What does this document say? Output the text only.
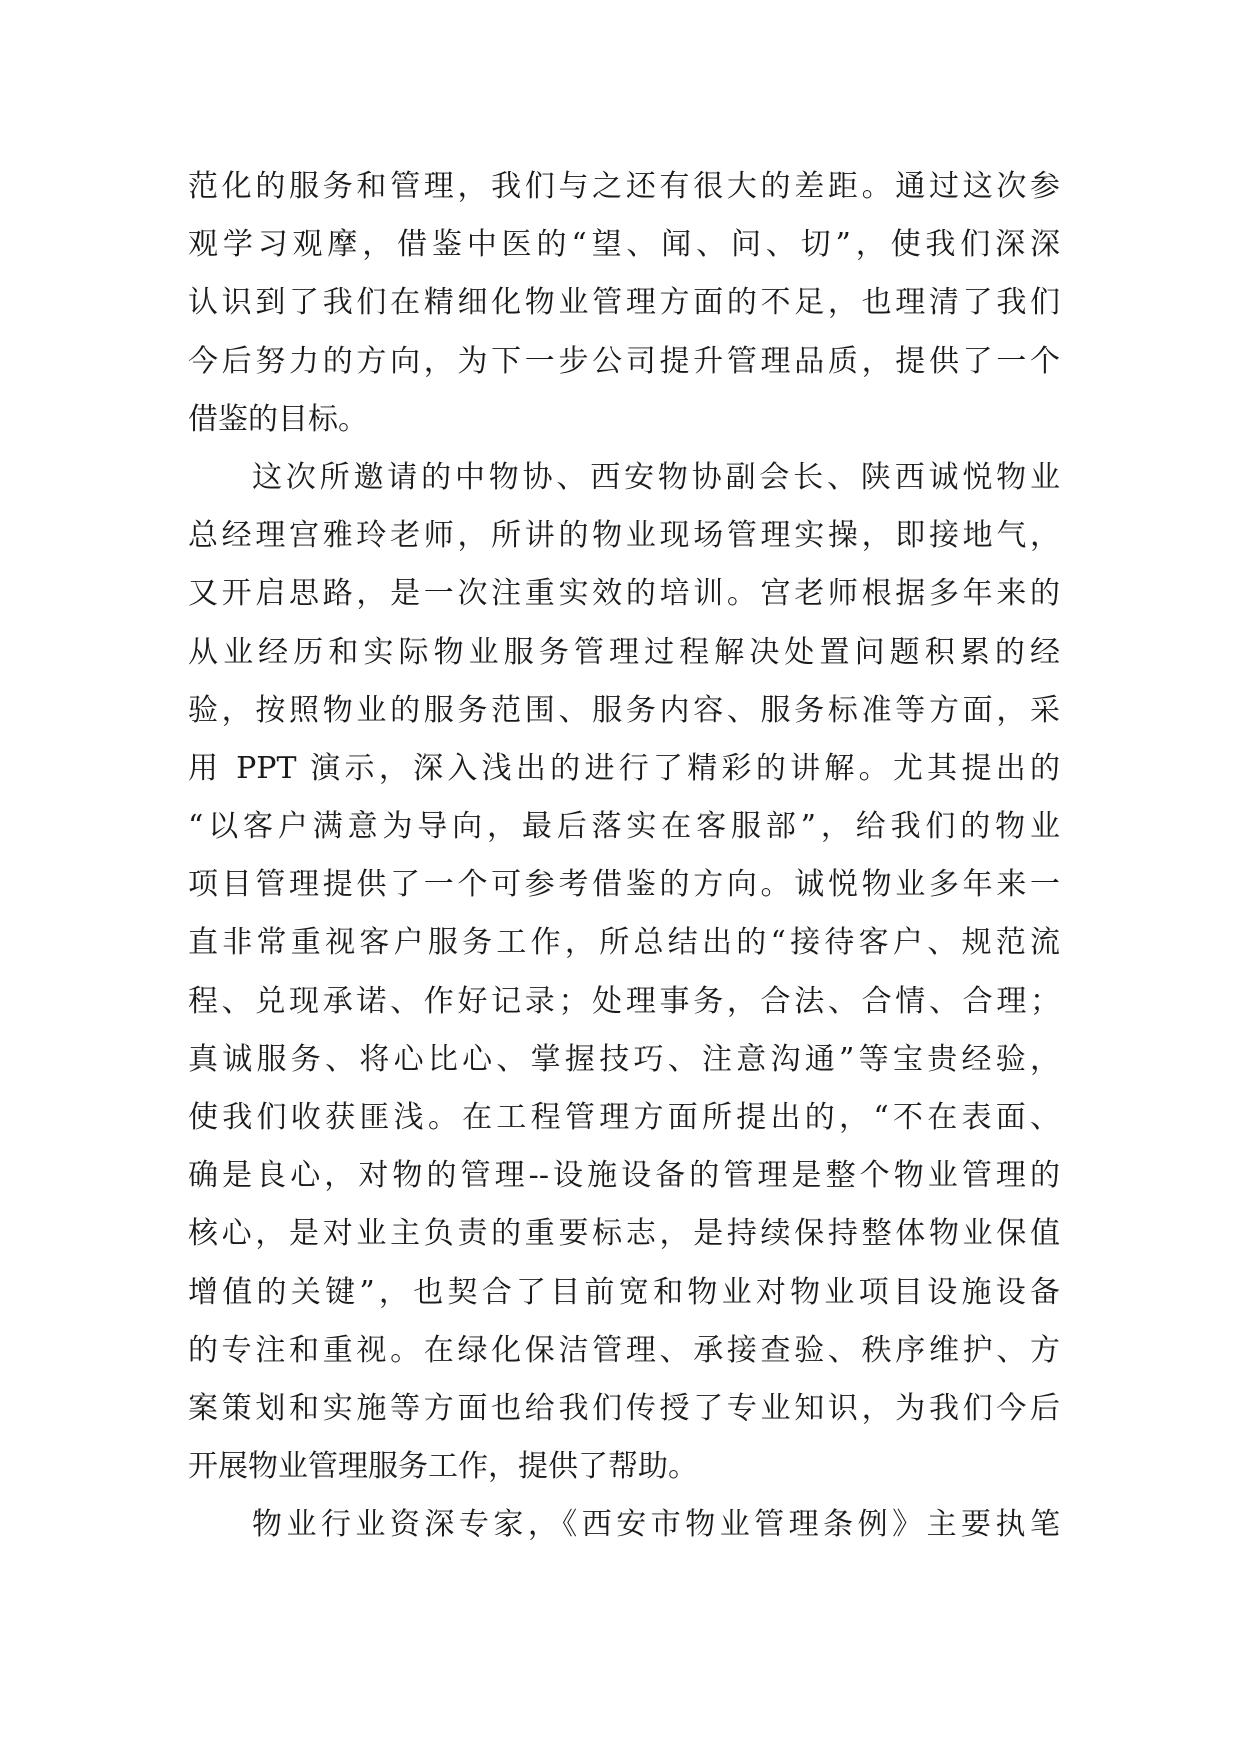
范化的服务和管理，我们与之还有很大的差距。通过这次参
观学习观摩，借鉴中医的“望、闻、问、切”，使我们深深
认识到了我们在精细化物业管理方面的不足，也理清了我们
今后努力的方向，为下一步公司提升管理品质，提供了一个
借鉴的目标。
这次所邀请的中物协、西安物协副会长、陕西诚悦物业
总经理宫雅玲老师，所讲的物业现场管理实操，即接地气，
又开启思路，是一次注重实效的培训。宫老师根据多年来的
从业经历和实际物业服务管理过程解决处置问题积累的经
验，按照物业的服务范围、服务内容、服务标准等方面，采
用 PPT 演示，深入浅出的进行了精彩的讲解。尤其提出的
“以客户满意为导向，最后落实在客服部”，给我们的物业
项目管理提供了一个可参考借鉴的方向。诚悦物业多年来一
直非常重视客户服务工作，所总结出的“接待客户、规范流
程、兑现承诺、作好记录；处理事务，合法、合情、合理；
真诚服务、将心比心、掌握技巧、注意沟通”等宝贵经验，
使我们收获匪浅。在工程管理方面所提出的，“不在表面、
确是良心，对物的管理--设施设备的管理是整个物业管理的
核心，是对业主负责的重要标志，是持续保持整体物业保值
增值的关键”，也契合了目前宽和物业对物业项目设施设备
的专注和重视。在绿化保洁管理、承接查验、秩序维护、方
案策划和实施等方面也给我们传授了专业知识，为我们今后
开展物业管理服务工作，提供了帮助。
物业行业资深专家，《西安市物业管理条例》主要执笔
